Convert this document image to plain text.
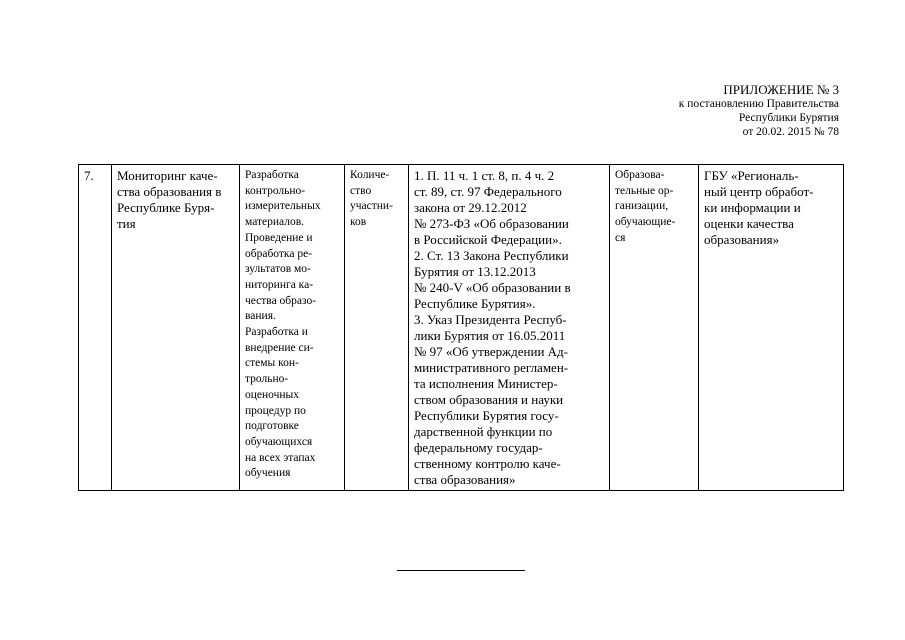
ПРИЛОЖЕНИЕ № 3
к постановлению Правительства
Республики Бурятия
от 20.02. 2015 № 78
7.	Мониторинг каче-
ства образования в
Республике Буря-
тия	Разработка
контрольно-
измерительных
материалов.
Проведение и
обработка ре-
зультатов мо-
ниторинга ка-
чества образо-
вания.
Разработка и
внедрение си-
стемы кон-
трольно-
оценочных
процедур по
подготовке
обучающихся
на всех этапах
обучения	Количе-
ство
участни-
ков	1. П. 11 ч. 1 ст. 8, п. 4 ч. 2
ст. 89, ст. 97 Федерального
закона от 29.12.2012
№ 273-ФЗ «Об образовании
в Российской Федерации».
2. Ст. 13 Закона Республики
Бурятия от 13.12.2013
№ 240-V «Об образовании в
Республике Бурятия».
3. Указ Президента Респуб-
лики Бурятия от 16.05.2011
№ 97 «Об утверждении Ад-
министративного регламен-
та исполнения Министер-
ством образования и науки
Республики Бурятия госу-
дарственной функции по
федеральному государ-
ственному контролю каче-
ства образования»	Образова-
тельные ор-
ганизации,
обучающие-
ся	ГБУ «Региональ-
ный центр обработ-
ки информации и
оценки качества
образования»
